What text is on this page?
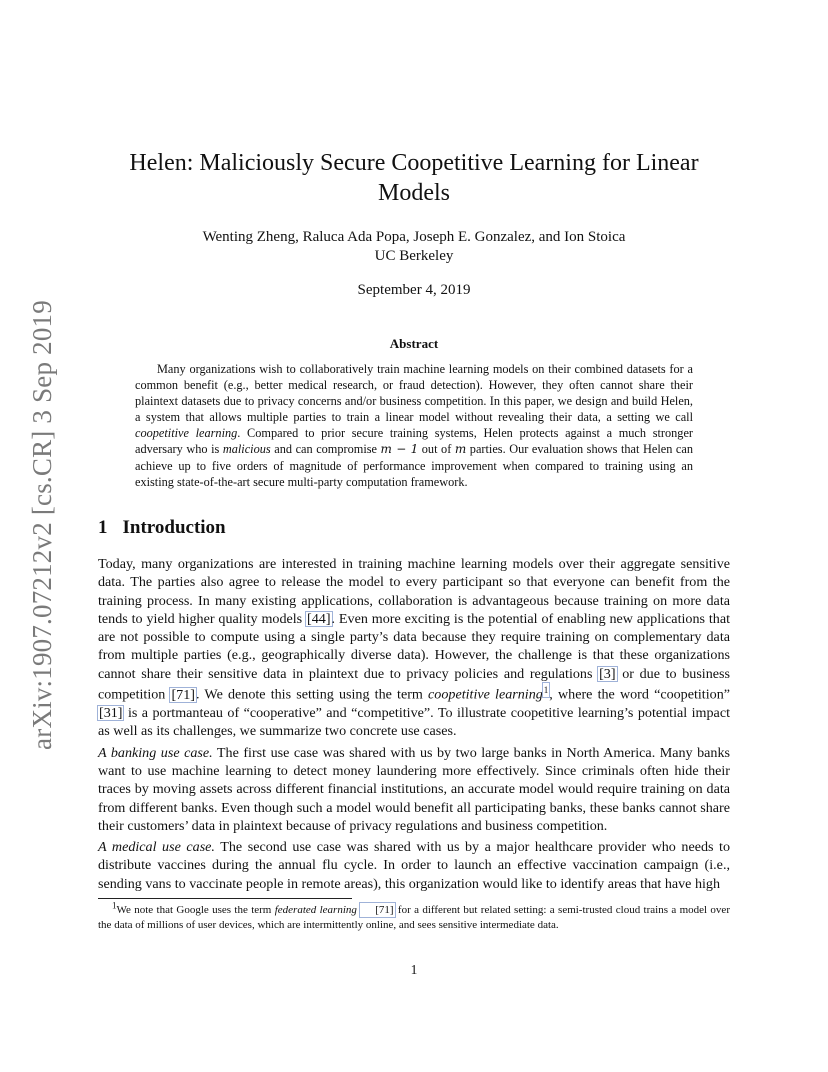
arXiv:1907.07212v2 [cs.CR] 3 Sep 2019
Helen: Maliciously Secure Coopetitive Learning for Linear
Models
Wenting Zheng, Raluca Ada Popa, Joseph E. Gonzalez, and Ion Stoica
UC Berkeley
September 4, 2019
Abstract

Many organizations wish to collaboratively train machine learning models on their combined datasets for a common benefit (e.g., better medical research, or fraud detection). However, they often cannot share their plaintext datasets due to privacy concerns and/or business competition. In this paper, we design and build Helen, a system that allows multiple parties to train a linear model without revealing their data, a setting we call coopetitive learning. Compared to prior secure training systems, Helen protects against a much stronger adversary who is malicious and can compromise m − 1 out of m parties. Our evaluation shows that Helen can achieve up to five orders of magnitude of performance improvement when compared to training using an existing state-of-the-art secure multi-party computation framework.

1 Introduction

Today, many organizations are interested in training machine learning models over their aggregate sensitive data. The parties also agree to release the model to every participant so that everyone can benefit from the training process. In many existing applications, collaboration is advantageous because training on more data tends to yield higher quality models [44]. Even more exciting is the potential of enabling new applications that are not possible to compute using a single party’s data because they require training on complementary data from multiple parties (e.g., geographically diverse data). However, the challenge is that these organizations cannot share their sensitive data in plaintext due to privacy policies and regulations [3] or due to business competition [71]. We denote this setting using the term coopetitive learning$^1$, where the word “coopetition” [31] is a portmanteau of “cooperative” and “competitive”. To illustrate coopetitive learning’s potential impact as well as its challenges, we summarize two concrete use cases.

A banking use case. The first use case was shared with us by two large banks in North America. Many banks want to use machine learning to detect money laundering more effectively. Since criminals often hide their traces by moving assets across different financial institutions, an accurate model would require training on data from different banks. Even though such a model would benefit all participating banks, these banks cannot share their customers’ data in plaintext because of privacy regulations and business competition.

A medical use case. The second use case was shared with us by a major healthcare provider who needs to distribute vaccines during the annual flu cycle. In order to launch an effective vaccination campaign (i.e., sending vans to vaccinate people in remote areas), this organization would like to identify areas that have high

$^1$We note that Google uses the term federated learning [71] for a different but related setting: a semi-trusted cloud trains a model over the data of millions of user devices, which are intermittently online, and sees sensitive intermediate data.

1
